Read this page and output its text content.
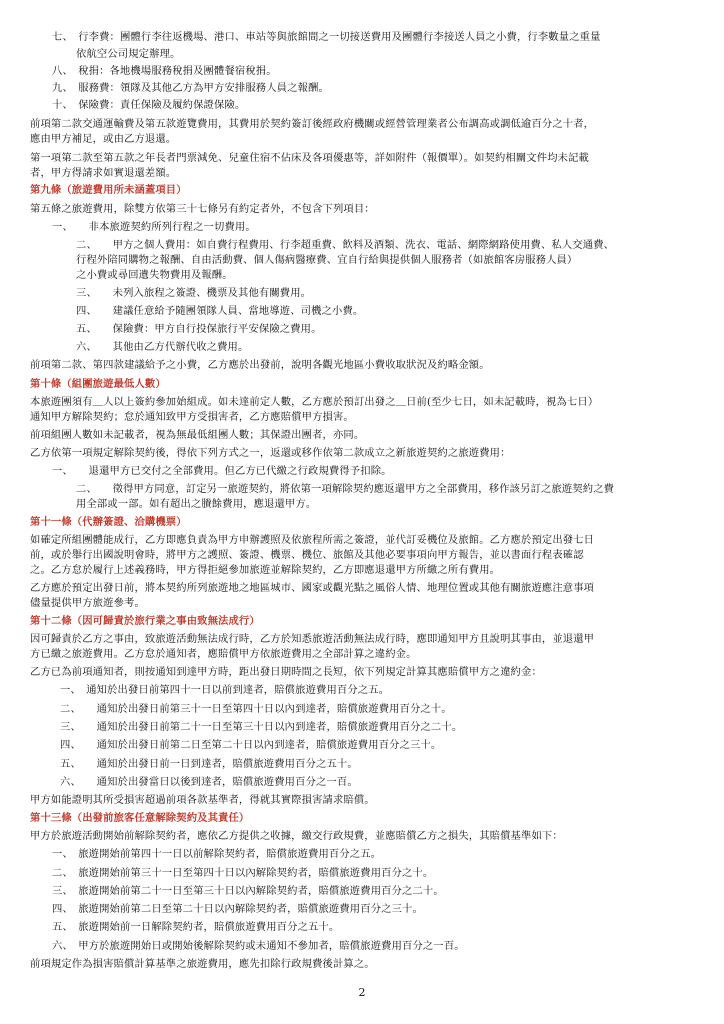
七、　行李費：團體行李往返機場、港口、車站等與旅館間之一切接送費用及團體行李接送人員之小費，行李數量之重量
依航空公司規定辦理。
八、　稅捐：各地機場服務稅捐及團體餐宿稅捐。
九、　服務費：領隊及其他乙方為甲方安排服務人員之報酬。
十、　保險費：責任保險及履約保證保險。
前項第二款交通運輸費及第五款遊覽費用，其費用於契約簽訂後經政府機關或經營管理業者公布調高或調低逾百分之十者，
應由甲方補足，或由乙方退還。
第一項第二款至第五款之年長者門票減免、兒童住宿不佔床及各項優惠等，詳如附件（報價單）。如契約相關文件均未記載
者，甲方得請求如實退還差額。
第九條（旅遊費用所未涵蓋項目）
第五條之旅遊費用，除雙方依第三十七條另有約定者外，不包含下列項目：
一、　　非本旅遊契約所列行程之一切費用。
二、　　甲方之個人費用：如自費行程費用、行李超重費、飲料及酒類、洗衣、電話、網際網路使用費、私人交通費、
行程外陪同購物之報酬、自由活動費、個人傷病醫療費、宜自行給與提供個人服務者（如旅館客房服務人員）
之小費或尋回遺失物費用及報酬。
三、　　未列入旅程之簽證、機票及其他有關費用。
四、　　建議任意給予隨團領隊人員、當地導遊、司機之小費。
五、　　保險費：甲方自行投保旅行平安保險之費用。
六、　　其他由乙方代辦代收之費用。
前項第二款、第四款建議給予之小費，乙方應於出發前，說明各觀光地區小費收取狀況及約略金額。
第十條（組團旅遊最低人數）
本旅遊團須有＿人以上簽約參加始組成。如未達前定人數，乙方應於預訂出發之＿日前(至少七日，如未記載時，視為七日）
通知甲方解除契約；怠於通知致甲方受損害者，乙方應賠償甲方損害。
前項組團人數如未記載者，視為無最低組團人數；其保證出團者，亦同。
乙方依第一項規定解除契約後，得依下列方式之一，返還或移作依第二款成立之新旅遊契約之旅遊費用：
一、　　退還甲方已交付之全部費用。但乙方已代繳之行政規費得予扣除。
二、　　徵得甲方同意，訂定另一旅遊契約，將依第一項解除契約應返還甲方之全部費用，移作該另訂之旅遊契約之費
用全部或一部。如有超出之賸餘費用，應退還甲方。
第十一條（代辦簽證、洽購機票）
如確定所組團體能成行，乙方即應負責為甲方申辦護照及依旅程所需之簽證，並代訂妥機位及旅館。乙方應於預定出發七日
前，或於舉行出國說明會時，將甲方之護照、簽證、機票、機位、旅館及其他必要事項向甲方報告，並以書面行程表確認
之。乙方怠於履行上述義務時，甲方得拒絕參加旅遊並解除契約，乙方即應退還甲方所繳之所有費用。
乙方應於預定出發日前，將本契約所列旅遊地之地區城市、國家或觀光點之風俗人情、地理位置或其他有關旅遊應注意事項
儘量提供甲方旅遊參考。
第十二條（因可歸責於旅行業之事由致無法成行）
因可歸責於乙方之事由，致旅遊活動無法成行時，乙方於知悉旅遊活動無法成行時，應即通知甲方且說明其事由，並退還甲
方已繳之旅遊費用。乙方怠於通知者，應賠償甲方依旅遊費用之全部計算之違約金。
乙方已為前項通知者，則按通知到達甲方時，距出發日期時間之長短，依下列規定計算其應賠償甲方之違約金：
一、　通知於出發日前第四十一日以前到達者，賠償旅遊費用百分之五。
二、　　通知於出發日前第三十一日至第四十日以內到達者，賠償旅遊費用百分之十。
三、　　通知於出發日前第二十一日至第三十日以內到達者，賠償旅遊費用百分之二十。
四、　　通知於出發日前第二日至第二十日以內到達者，賠償旅遊費用百分之三十。
五、　　通知於出發日前一日到達者，賠償旅遊費用百分之五十。
六、　　通知於出發當日以後到達者，賠償旅遊費用百分之一百。
甲方如能證明其所受損害超過前項各款基準者，得就其實際損害請求賠償。
第十三條（出發前旅客任意解除契約及其責任）
甲方於旅遊活動開始前解除契約者，應依乙方提供之收據，繳交行政規費，並應賠償乙方之損失，其賠償基準如下：
一、　旅遊開始前第四十一日以前解除契約者，賠償旅遊費用百分之五。
二、　旅遊開始前第三十一日至第四十日以內解除契約者，賠償旅遊費用百分之十。
三、　旅遊開始前第二十一日至第三十日以內解除契約者，賠償旅遊費用百分之二十。
四、　旅遊開始前第二日至第二十日以內解除契約者，賠償旅遊費用百分之三十。
五、　旅遊開始前一日解除契約者，賠償旅遊費用百分之五十。
六、　甲方於旅遊開始日或開始後解除契約或未通知不參加者，賠償旅遊費用百分之一百。
前項規定作為損害賠償計算基準之旅遊費用，應先扣除行政規費後計算之。
2
